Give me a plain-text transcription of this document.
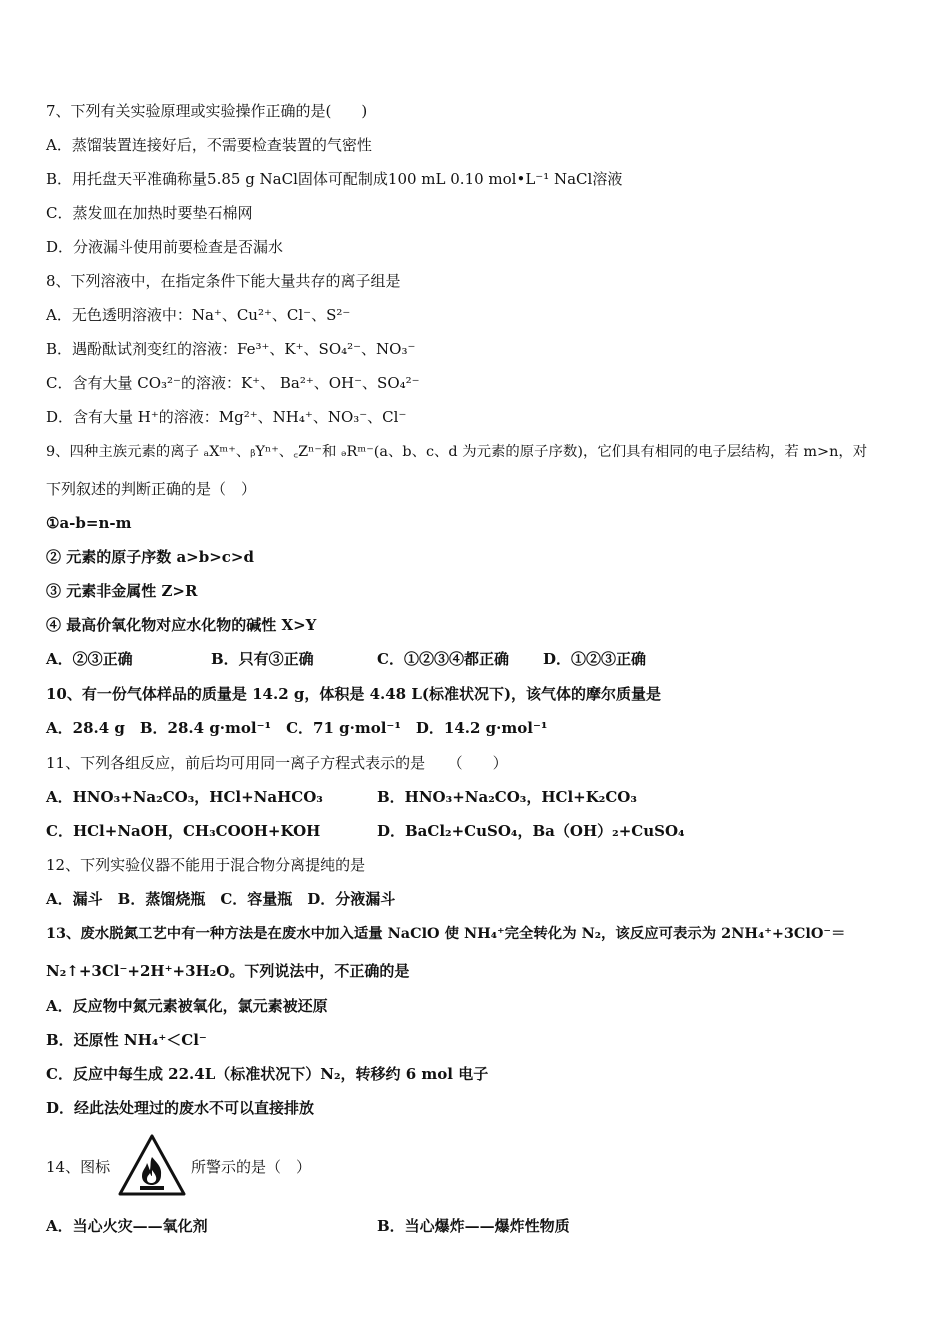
7、下列有关实验原理或实验操作正确的是(　　)
A．蒸馏装置连接好后，不需要检查装置的气密性
B．用托盘天平准确称量5.85 g NaCl固体可配制成100 mL 0.10 mol•L⁻¹ NaCl溶液
C．蒸发皿在加热时要垫石棉网
D．分液漏斗使用前要检查是否漏水
8、下列溶液中，在指定条件下能大量共存的离子组是
A．无色透明溶液中：Na⁺、Cu²⁺、Cl⁻、S²⁻
B．遇酚酞试剂变红的溶液：Fe³⁺、K⁺、SO₄²⁻、NO₃⁻
C．含有大量 CO₃²⁻的溶液：K⁺、 Ba²⁺、OH⁻、SO₄²⁻
D．含有大量 H⁺的溶液：Mg²⁺、NH₄⁺、NO₃⁻、Cl⁻
9、四种主族元素的离子 ₐXᵐ⁺、ᵦYⁿ⁺、꜀Zⁿ⁻和 ₔRᵐ⁻(a、b、c、d 为元素的原子序数)，它们具有相同的电子层结构，若 m>n，对
下列叙述的判断正确的是（　）
①a-b=n-m
② 元素的原子序数 a>b>c>d
③ 元素非金属性 Z>R
④ 最高价氧化物对应水化物的碱性 X>Y
A．②③正确	B．只有③正确	C．①②③④都正确 D．①②③正确
10、有一份气体样品的质量是 14.2 g，体积是 4.48 L(标准状况下)，该气体的摩尔质量是
A．28.4 g　B．28.4 g·mol⁻¹　C．71 g·mol⁻¹　D．14.2 g·mol⁻¹
11、下列各组反应，前后均可用同一离子方程式表示的是　　（　　）
A．HNO₃+Na₂CO₃，HCl+NaHCO₃	B．HNO₃+Na₂CO₃，HCl+K₂CO₃
C．HCl+NaOH，CH₃COOH+KOH	D．BaCl₂+CuSO₄，Ba（OH）₂+CuSO₄
12、下列实验仪器不能用于混合物分离提纯的是
A．漏斗　B．蒸馏烧瓶　C．容量瓶　D．分液漏斗
13、废水脱氮工艺中有一种方法是在废水中加入适量 NaClO 使 NH₄⁺完全转化为 N₂，该反应可表示为 2NH₄⁺+3ClO⁻＝
N₂↑+3Cl⁻+2H⁺+3H₂O。下列说法中，不正确的是
A．反应物中氮元素被氧化，氯元素被还原
B．还原性 NH₄⁺＜Cl⁻
C．反应中每生成 22.4L（标准状况下）N₂，转移约 6 mol 电子
D．经此法处理过的废水不可以直接排放
14、图标	所警示的是（　）
A．当心火灾——氧化剂	B．当心爆炸——爆炸性物质
